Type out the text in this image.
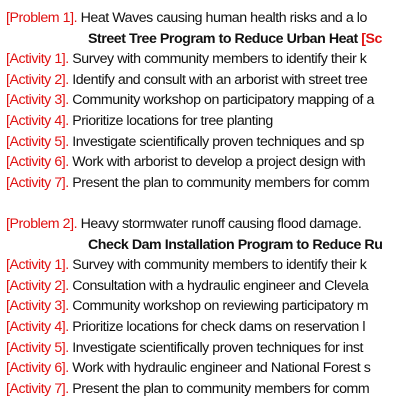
[Problem 1]. Heat Waves causing human health risks and a lo
Street Tree Program to Reduce Urban Heat [Sc
[Activity 1]. Survey with community members to identify their k
[Activity 2]. Identify and consult with an arborist with street tree
[Activity 3]. Community workshop on participatory mapping of a
[Activity 4]. Prioritize locations for tree planting
[Activity 5]. Investigate scientifically proven techniques and sp
[Activity 6]. Work with arborist to develop a project design with
[Activity 7]. Present the plan to community members for comm
[Problem 2]. Heavy stormwater runoff causing flood damage.
Check Dam Installation Program to Reduce Ru
[Activity 1]. Survey with community members to identify their k
[Activity 2]. Consultation with a hydraulic engineer and Clevela
[Activity 3]. Community workshop on reviewing participatory m
[Activity 4]. Prioritize locations for check dams on reservation l
[Activity 5]. Investigate scientifically proven techniques for inst
[Activity 6]. Work with hydraulic engineer and National Forest s
[Activity 7]. Present the plan to community members for comm
